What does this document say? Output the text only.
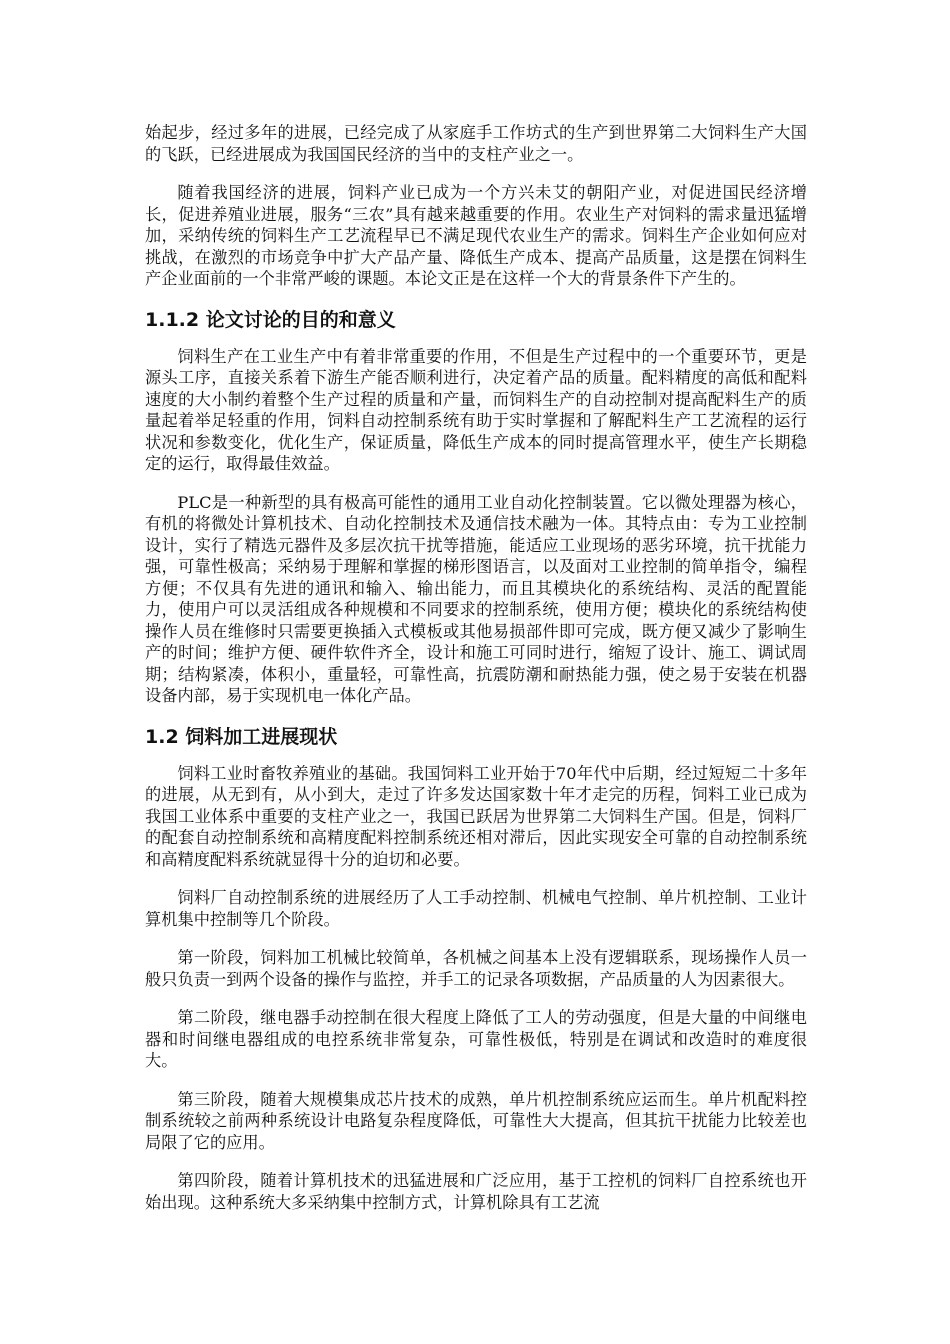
始起步，经过多年的进展，已经完成了从家庭手工作坊式的生产到世界第二大饲料生产大国的飞跃，已经进展成为我国国民经济的当中的支柱产业之一。

随着我国经济的进展，饲料产业已成为一个方兴未艾的朝阳产业，对促进国民经济增长，促进养殖业进展，服务“三农”具有越来越重要的作用。农业生产对饲料的需求量迅猛增加，采纳传统的饲料生产工艺流程早已不满足现代农业生产的需求。饲料生产企业如何应对挑战，在激烈的市场竞争中扩大产品产量、降低生产成本、提高产品质量，这是摆在饲料生产企业面前的一个非常严峻的课题。本论文正是在这样一个大的背景条件下产生的。

1.1.2 论文讨论的目的和意义

饲料生产在工业生产中有着非常重要的作用，不但是生产过程中的一个重要环节，更是源头工序，直接关系着下游生产能否顺利进行，决定着产品的质量。配料精度的高低和配料速度的大小制约着整个生产过程的质量和产量，而饲料生产的自动控制对提高配料生产的质量起着举足轻重的作用，饲料自动控制系统有助于实时掌握和了解配料生产工艺流程的运行状况和参数变化，优化生产，保证质量，降低生产成本的同时提高管理水平，使生产长期稳定的运行，取得最佳效益。

PLC是一种新型的具有极高可能性的通用工业自动化控制装置。它以微处理器为核心，有机的将微处计算机技术、自动化控制技术及通信技术融为一体。其特点由：专为工业控制设计，实行了精选元器件及多层次抗干扰等措施，能适应工业现场的恶劣环境，抗干扰能力强，可靠性极高；采纳易于理解和掌握的梯形图语言，以及面对工业控制的简单指令，编程方便；不仅具有先进的通讯和输入、输出能力，而且其模块化的系统结构、灵活的配置能力，使用户可以灵活组成各种规模和不同要求的控制系统，使用方便；模块化的系统结构使操作人员在维修时只需要更换插入式模板或其他易损部件即可完成，既方便又减少了影响生产的时间；维护方便、硬件软件齐全，设计和施工可同时进行，缩短了设计、施工、调试周期；结构紧凑，体积小，重量轻，可靠性高，抗震防潮和耐热能力强，使之易于安装在机器设备内部，易于实现机电一体化产品。

1.2 饲料加工进展现状

饲料工业时畜牧养殖业的基础。我国饲料工业开始于70年代中后期，经过短短二十多年的进展，从无到有，从小到大，走过了许多发达国家数十年才走完的历程，饲料工业已成为我国工业体系中重要的支柱产业之一，我国已跃居为世界第二大饲料生产国。但是，饲料厂的配套自动控制系统和高精度配料控制系统还相对滞后，因此实现安全可靠的自动控制系统和高精度配料系统就显得十分的迫切和必要。

饲料厂自动控制系统的进展经历了人工手动控制、机械电气控制、单片机控制、工业计算机集中控制等几个阶段。

第一阶段，饲料加工机械比较简单，各机械之间基本上没有逻辑联系，现场操作人员一般只负责一到两个设备的操作与监控，并手工的记录各项数据，产品质量的人为因素很大。

第二阶段，继电器手动控制在很大程度上降低了工人的劳动强度，但是大量的中间继电器和时间继电器组成的电控系统非常复杂，可靠性极低，特别是在调试和改造时的难度很大。

第三阶段，随着大规模集成芯片技术的成熟，单片机控制系统应运而生。单片机配料控制系统较之前两种系统设计电路复杂程度降低，可靠性大大提高，但其抗干扰能力比较差也局限了它的应用。

第四阶段，随着计算机技术的迅猛进展和广泛应用，基于工控机的饲料厂自控系统也开始出现。这种系统大多采纳集中控制方式，计算机除具有工艺流
